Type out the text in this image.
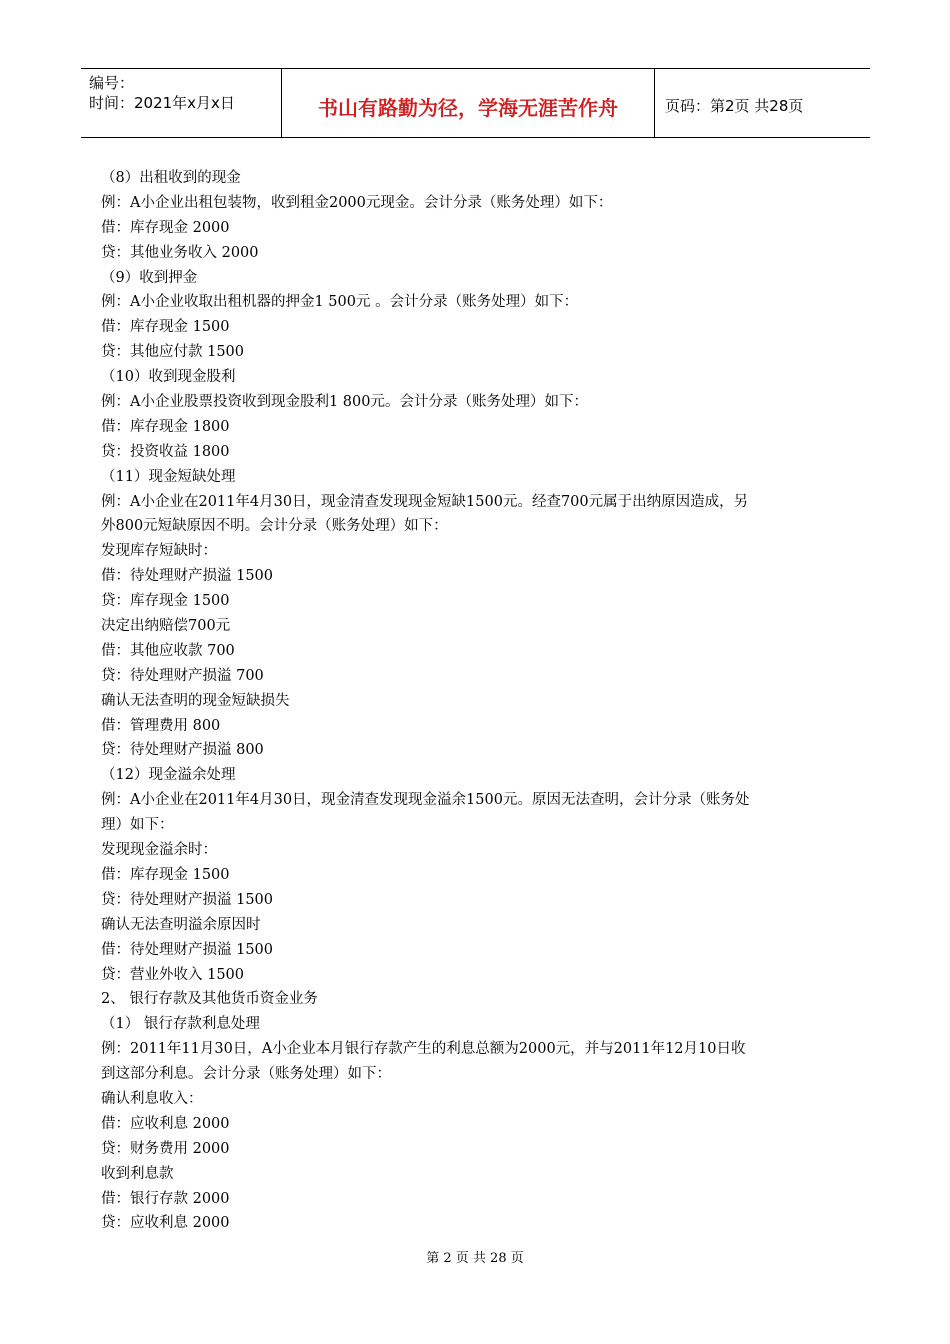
编号：
时间：2021年x月x日	书山有路勤为径，学海无涯苦作舟	页码：第2页 共28页
（8）出租收到的现金
例：A小企业出租包装物，收到租金2000元现金。会计分录（账务处理）如下：
借：库存现金 2000
贷：其他业务收入 2000
（9）收到押金
例：A小企业收取出租机器的押金1 500元 。会计分录（账务处理）如下：
借：库存现金 1500
贷：其他应付款 1500
（10）收到现金股利
例：A小企业股票投资收到现金股利1 800元。会计分录（账务处理）如下：
借：库存现金 1800
贷：投资收益 1800
（11）现金短缺处理
例：A小企业在2011年4月30日，现金清查发现现金短缺1500元。经查700元属于出纳原因造成，另
外800元短缺原因不明。会计分录（账务处理）如下：
发现库存短缺时：
借：待处理财产损溢 1500
贷：库存现金 1500
决定出纳赔偿700元
借：其他应收款 700
贷：待处理财产损溢 700
确认无法查明的现金短缺损失
借：管理费用 800
贷：待处理财产损溢 800
（12）现金溢余处理
例：A小企业在2011年4月30日，现金清查发现现金溢余1500元。原因无法查明，会计分录（账务处
理）如下：
发现现金溢余时：
借：库存现金 1500
贷：待处理财产损溢 1500
确认无法查明溢余原因时
借：待处理财产损溢 1500
贷：营业外收入 1500
2、 银行存款及其他货币资金业务
（1） 银行存款利息处理
例：2011年11月30日，A小企业本月银行存款产生的利息总额为2000元，并与2011年12月10日收
到这部分利息。会计分录（账务处理）如下：
确认利息收入：
借：应收利息 2000
贷：财务费用 2000
收到利息款
借：银行存款 2000
贷：应收利息 2000
第 2 页 共 28 页
